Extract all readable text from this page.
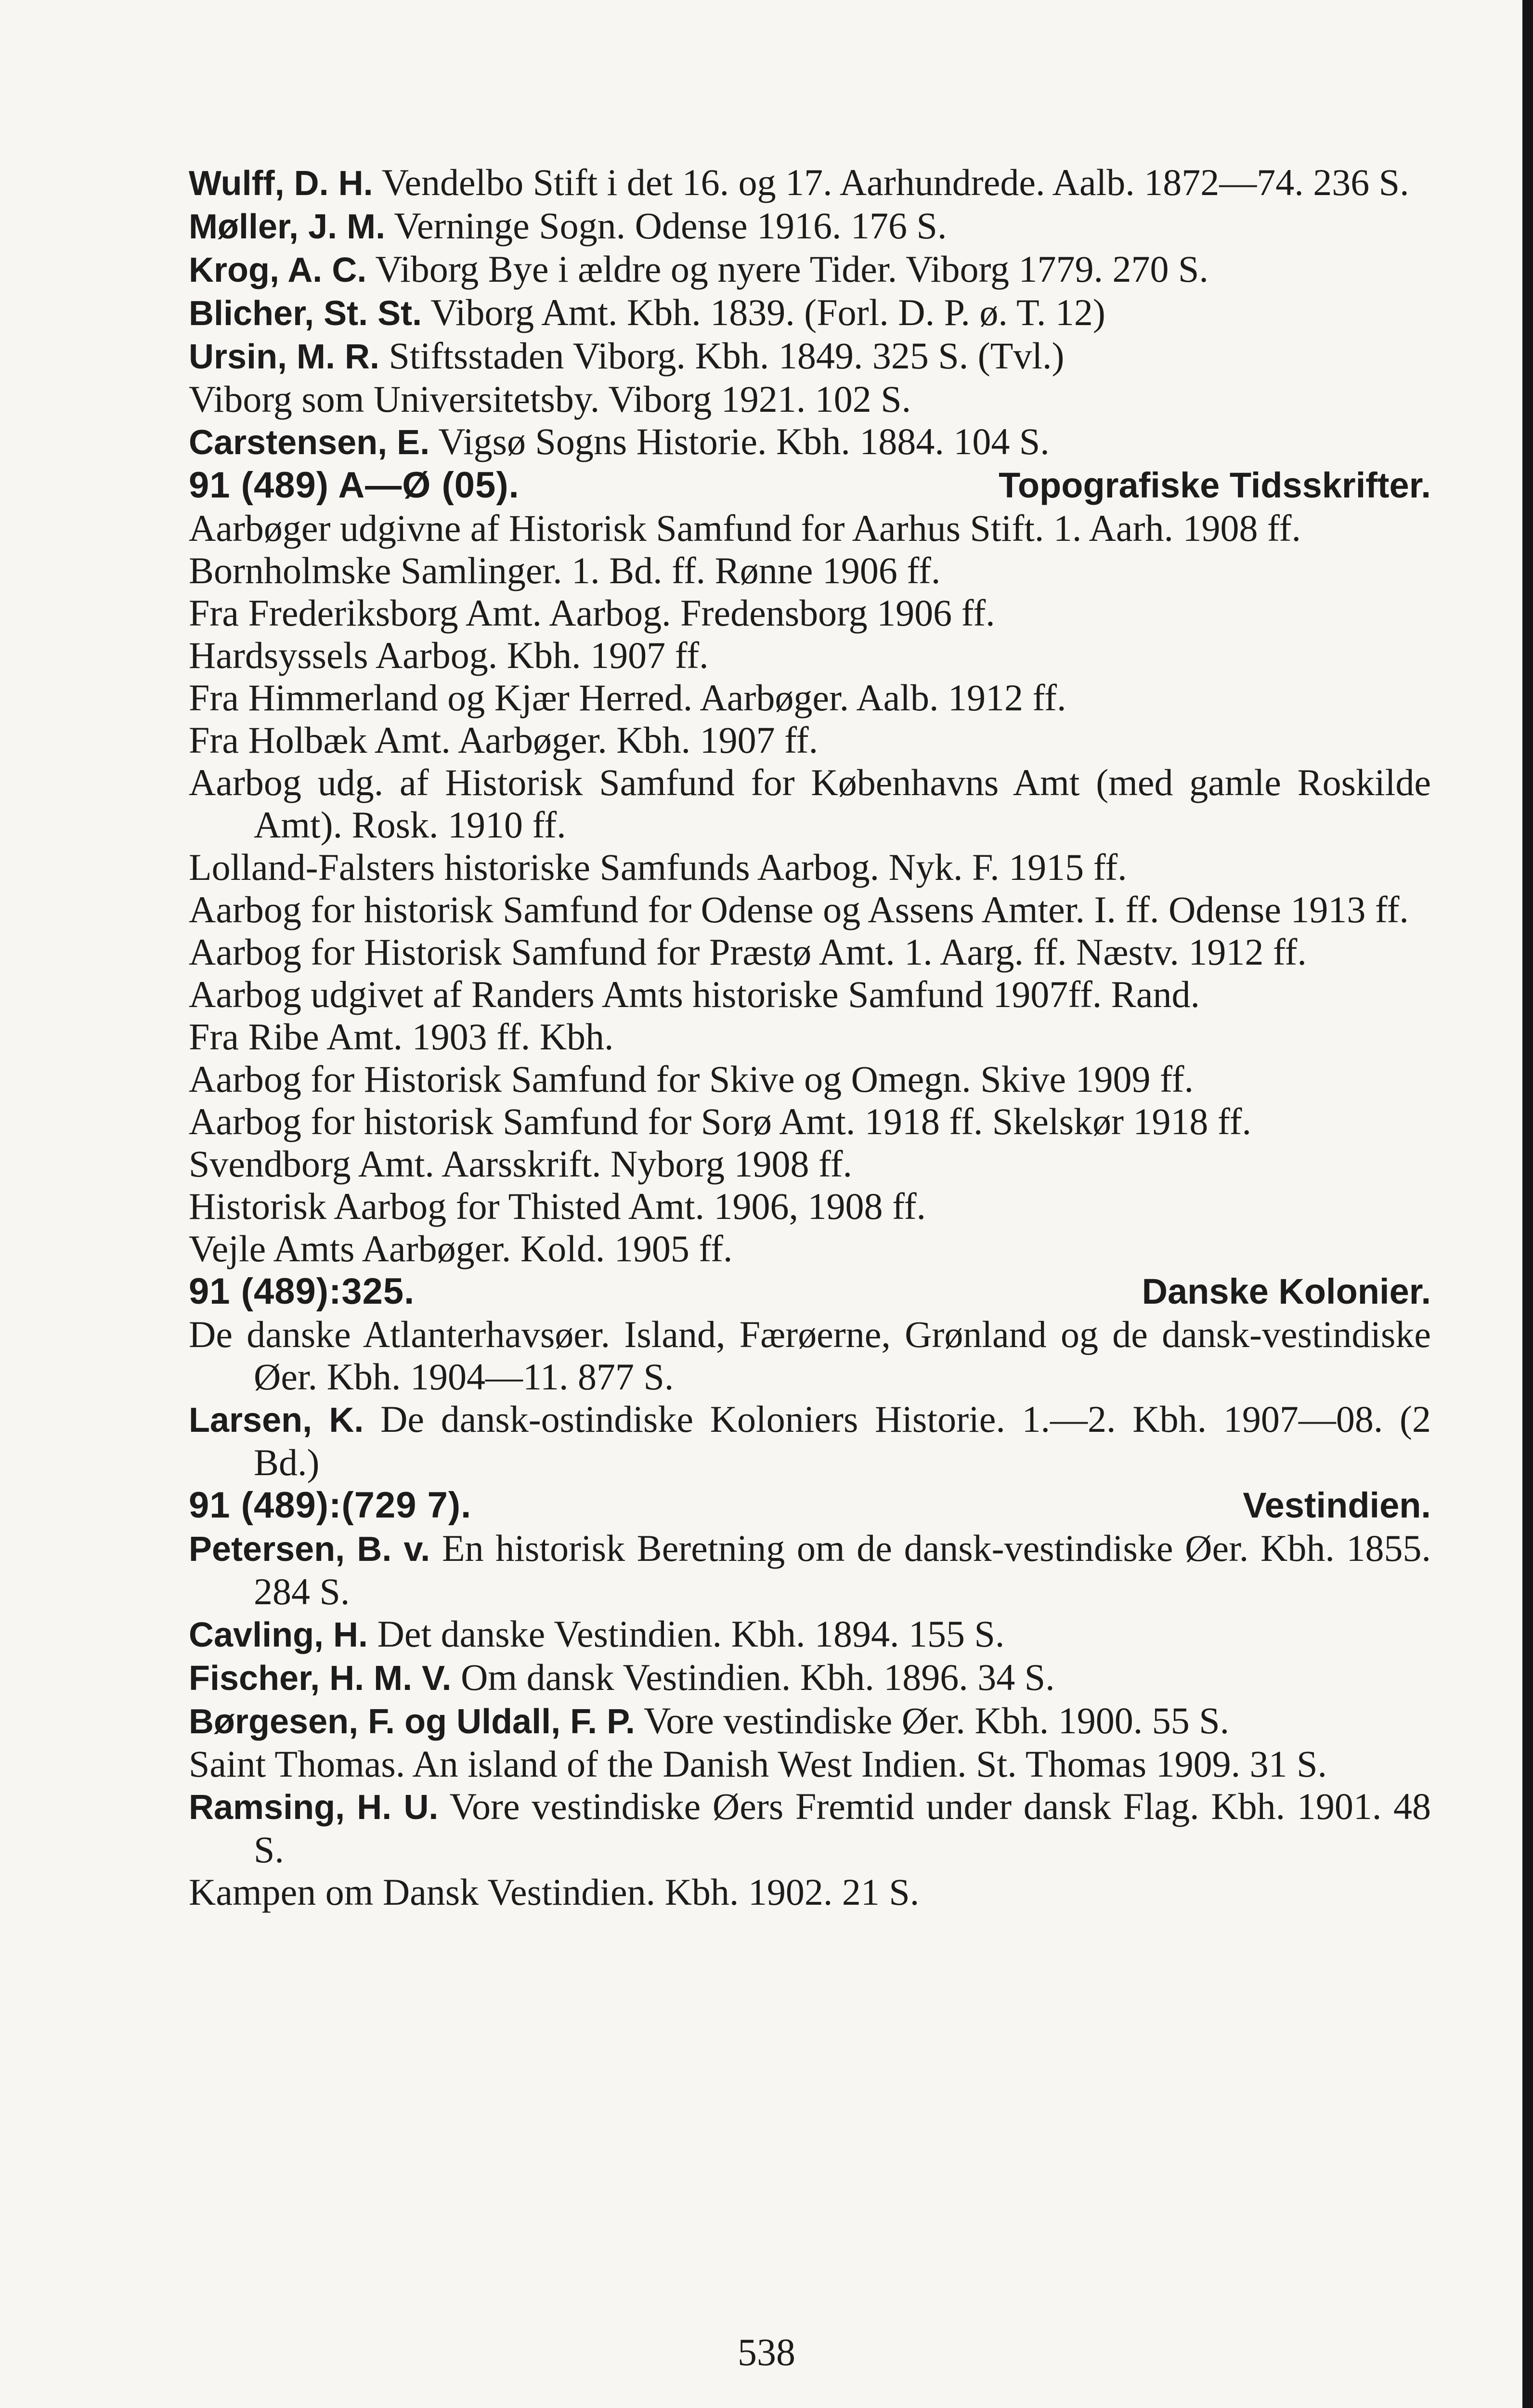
Wulff, D. H. Vendelbo Stift i det 16. og 17. Aarhundrede. Aalb. 1872—74. 236 S.
Møller, J. M. Verninge Sogn. Odense 1916. 176 S.
Krog, A. C. Viborg Bye i ældre og nyere Tider. Viborg 1779. 270 S.
Blicher, St. St. Viborg Amt. Kbh. 1839. (Forl. D. P. ø. T. 12)
Ursin, M. R. Stiftsstaden Viborg. Kbh. 1849. 325 S. (Tvl.)
Viborg som Universitetsby. Viborg 1921. 102 S.
Carstensen, E. Vigsø Sogns Historie. Kbh. 1884. 104 S.
91 (489) A—Ø (05).	Topografiske Tidsskrifter.
Aarbøger udgivne af Historisk Samfund for Aarhus Stift. 1. Aarh. 1908 ff.
Bornholmske Samlinger. 1. Bd. ff. Rønne 1906 ff.
Fra Frederiksborg Amt. Aarbog. Fredensborg 1906 ff.
Hardsyssels Aarbog. Kbh. 1907 ff.
Fra Himmerland og Kjær Herred. Aarbøger. Aalb. 1912 ff.
Fra Holbæk Amt. Aarbøger. Kbh. 1907 ff.
Aarbog udg. af Historisk Samfund for Københavns Amt (med gamle Roskilde Amt). Rosk. 1910 ff.
Lolland-Falsters historiske Samfunds Aarbog. Nyk. F. 1915 ff.
Aarbog for historisk Samfund for Odense og Assens Amter. I. ff. Odense 1913 ff.
Aarbog for Historisk Samfund for Præstø Amt. 1. Aarg. ff. Næstv. 1912 ff.
Aarbog udgivet af Randers Amts historiske Samfund 1907ff. Rand.
Fra Ribe Amt. 1903 ff. Kbh.
Aarbog for Historisk Samfund for Skive og Omegn. Skive 1909 ff.
Aarbog for historisk Samfund for Sorø Amt. 1918 ff. Skelskør 1918 ff.
Svendborg Amt. Aarsskrift. Nyborg 1908 ff.
Historisk Aarbog for Thisted Amt. 1906, 1908 ff.
Vejle Amts Aarbøger. Kold. 1905 ff.
91 (489):325.	Danske Kolonier.
De danske Atlanterhavsøer. Island, Færøerne, Grønland og de dansk-vestindiske Øer. Kbh. 1904—11. 877 S.
Larsen, K. De dansk-ostindiske Koloniers Historie. 1.—2. Kbh. 1907—08. (2 Bd.)
91 (489):(729 7).	Vestindien.
Petersen, B. v. En historisk Beretning om de dansk-vestindiske Øer. Kbh. 1855. 284 S.
Cavling, H. Det danske Vestindien. Kbh. 1894. 155 S.
Fischer, H. M. V. Om dansk Vestindien. Kbh. 1896. 34 S.
Børgesen, F. og Uldall, F. P. Vore vestindiske Øer. Kbh. 1900. 55 S.
Saint Thomas. An island of the Danish West Indien. St. Thomas 1909. 31 S.
Ramsing, H. U. Vore vestindiske Øers Fremtid under dansk Flag. Kbh. 1901. 48 S.
Kampen om Dansk Vestindien. Kbh. 1902. 21 S.
538
